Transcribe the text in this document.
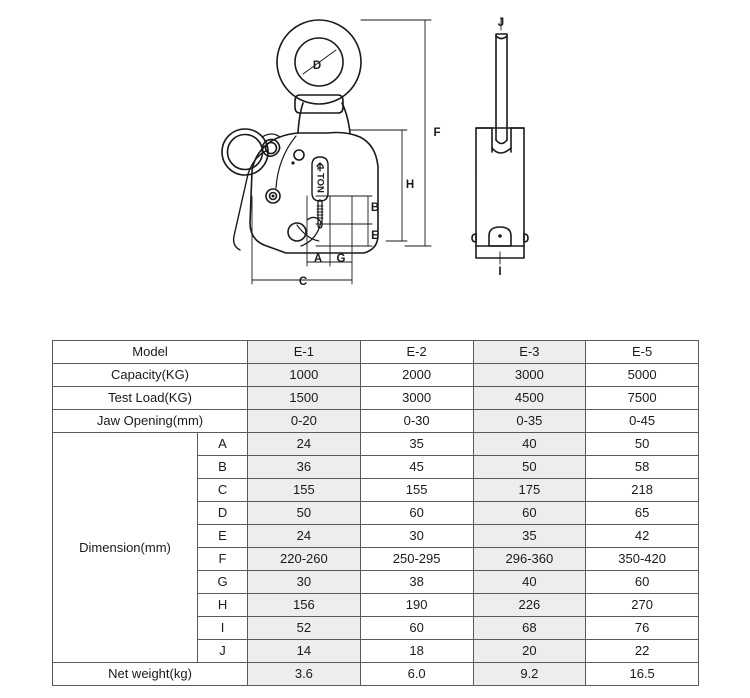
1 TON
D
F
H
B
E
A G
C
J
I
Model		E-1	E-2	E-3	E-5
Capacity(KG)		1000	2000	3000	5000
Test Load(KG)		1500	3000	4500	7500
Jaw Opening(mm)		0-20	0-30	0-35	0-45
Dimension(mm)	A	24	35	40	50
	B	36	45	50	58
	C	155	155	175	218
	D	50	60	60	65
	E	24	30	35	42
	F	220-260	250-295	296-360	350-420
	G	30	38	40	60
	H	156	190	226	270
	I	52	60	68	76
	J	14	18	20	22
Net weight(kg)		3.6	6.0	9.2	16.5
